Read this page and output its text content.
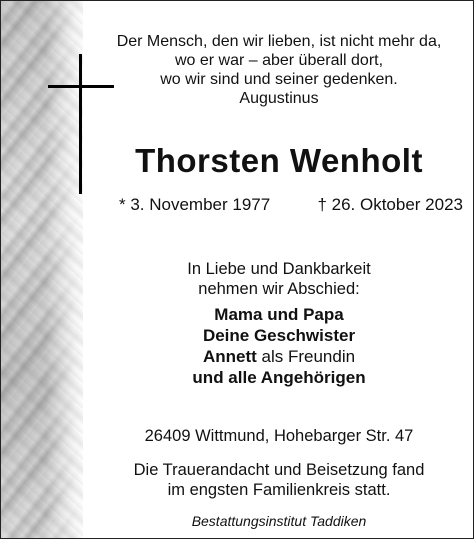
Der Mensch, den wir lieben, ist nicht mehr da,
wo er war – aber überall dort,
wo wir sind und seiner gedenken.
Augustinus
Thorsten Wenholt
* 3. November 1977	† 26. Oktober 2023
In Liebe und Dankbarkeit
nehmen wir Abschied:
Mama und Papa
Deine Geschwister
Annett als Freundin
und alle Angehörigen
26409 Wittmund, Hohebarger Str. 47
Die Trauerandacht und Beisetzung fand
im engsten Familienkreis statt.
Bestattungsinstitut Taddiken
